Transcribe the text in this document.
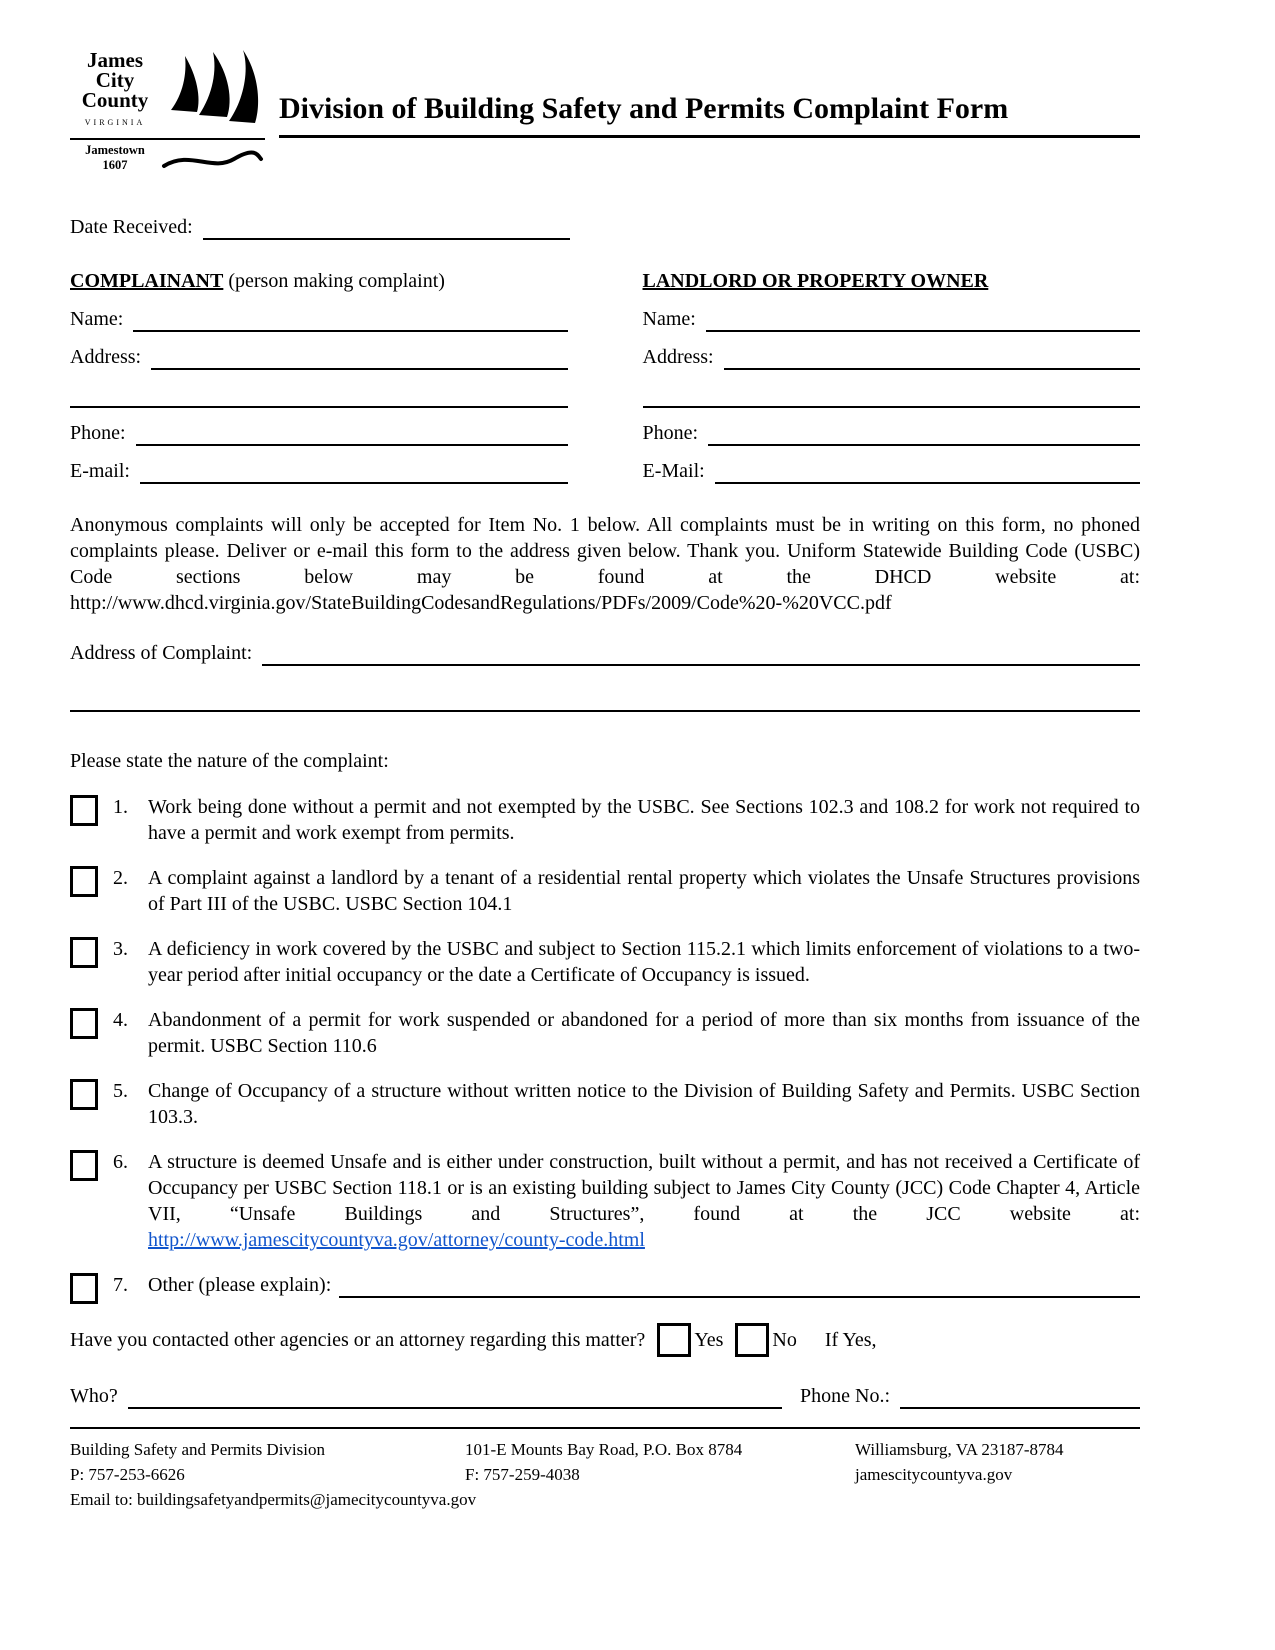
James
City
County
VIRGINIA
Jamestown
1607
Division of Building Safety and Permits Complaint Form
Date Received:
COMPLAINANT (person making complaint)
Name:
Address:
Phone:
E-mail:
LANDLORD OR PROPERTY OWNER
Name:
Address:
Phone:
E-Mail:

Anonymous complaints will only be accepted for Item No. 1 below. All complaints must be in writing on this form, no phoned complaints please. Deliver or e-mail this form to the address given below. Thank you. Uniform Statewide Building Code (USBC) Code sections below may be found at the DHCD website at: http://www.dhcd.virginia.gov/StateBuildingCodesandRegulations/PDFs/2009/Code%20-%20VCC.pdf

Address of Complaint:
Please state the nature of the complaint:
1.	Work being done without a permit and not exempted by the USBC. See Sections 102.3 and 108.2 for work not required to have a permit and work exempt from permits.
2.	A complaint against a landlord by a tenant of a residential rental property which violates the Unsafe Structures provisions of Part III of the USBC. USBC Section 104.1
3.	A deficiency in work covered by the USBC and subject to Section 115.2.1 which limits enforcement of violations to a two-year period after initial occupancy or the date a Certificate of Occupancy is issued.
4.	Abandonment of a permit for work suspended or abandoned for a period of more than six months from issuance of the permit. USBC Section 110.6
5.	Change of Occupancy of a structure without written notice to the Division of Building Safety and Permits. USBC Section 103.3.
6.	A structure is deemed Unsafe and is either under construction, built without a permit, and has not received a Certificate of Occupancy per USBC Section 118.1 or is an existing building subject to James City County (JCC) Code Chapter 4, Article VII, “Unsafe Buildings and Structures”, found at the JCC website at: http://www.jamescitycountyva.gov/attorney/county-code.html
7.	Other (please explain):
Have you contacted other agencies or an attorney regarding this matter? Yes No If Yes,
Who?	Phone No.:
Building Safety and Permits Division
P: 757-253-6626
Email to: buildingsafetyandpermits@jamecitycountyva.gov
101-E Mounts Bay Road, P.O. Box 8784
F: 757-259-4038
Williamsburg, VA 23187-8784
jamescitycountyva.gov
